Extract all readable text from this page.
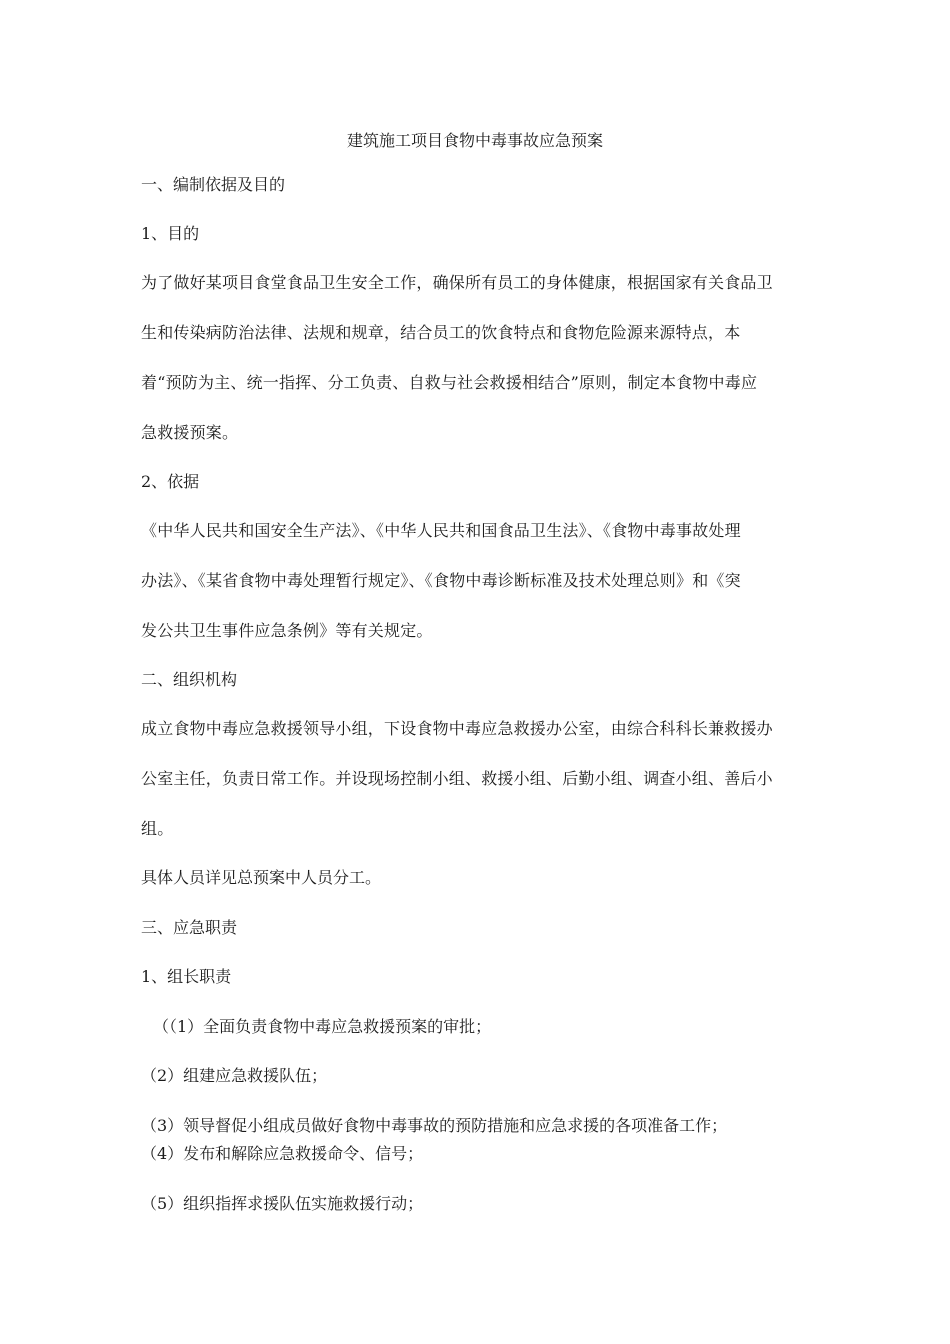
建筑施工项目食物中毒事故应急预案

一、编制依据及目的

1、目的

为了做好某项目食堂食品卫生安全工作，确保所有员工的身体健康，根据国家有关食品卫

生和传染病防治法律、法规和规章，结合员工的饮食特点和食物危险源来源特点，本

着“预防为主、统一指挥、分工负责、自救与社会救援相结合”原则，制定本食物中毒应

急救援预案。

2、依据

《中华人民共和国安全生产法》、《中华人民共和国食品卫生法》、《食物中毒事故处理

办法》、《某省食物中毒处理暂行规定》、《食物中毒诊断标准及技术处理总则》和《突

发公共卫生事件应急条例》等有关规定。

二、组织机构

成立食物中毒应急救援领导小组，下设食物中毒应急救援办公室，由综合科科长兼救援办

公室主任，负责日常工作。并设现场控制小组、救援小组、后勤小组、调查小组、善后小

组。

具体人员详见总预案中人员分工。

三、应急职责

1、组长职责

（（1）全面负责食物中毒应急救援预案的审批；

（2）组建应急救援队伍；

（3）领导督促小组成员做好食物中毒事故的预防措施和应急求援的各项准备工作；

（4）发布和解除应急救援命令、信号；

（5）组织指挥求援队伍实施救援行动；
